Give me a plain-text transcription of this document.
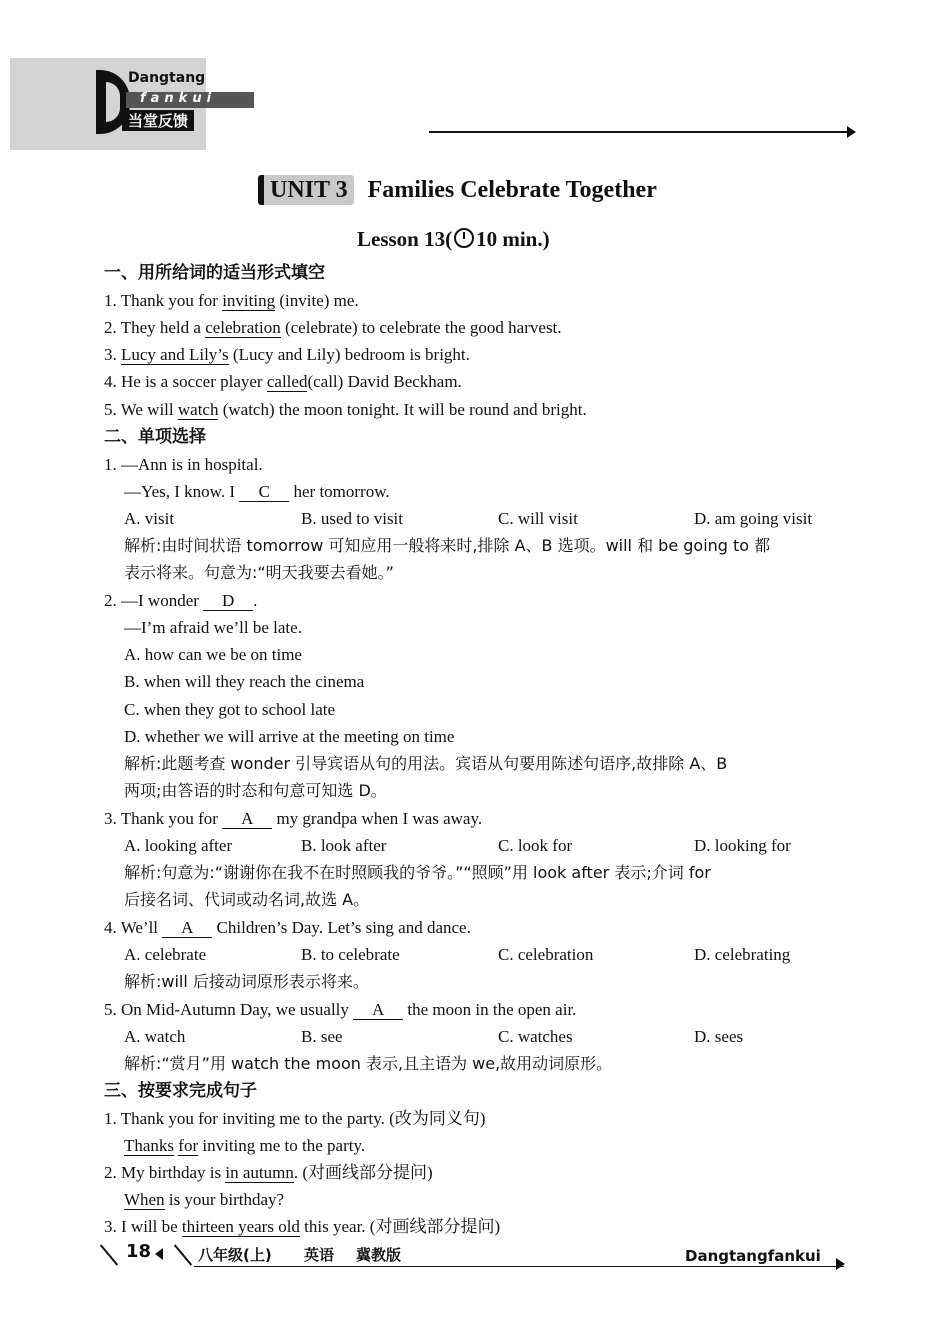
Dangtang
fankui
当堂反馈
UNIT 3 Families Celebrate Together
Lesson 13( 10 min.)
一、用所给词的适当形式填空
1. Thank you for inviting (invite) me.
2. They held a celebration (celebrate) to celebrate the good harvest.
3. Lucy and Lily’s (Lucy and Lily) bedroom is bright.
4. He is a soccer player called(call) David Beckham.
5. We will watch (watch) the moon tonight. It will be round and bright.
二、单项选择
1. —Ann is in hospital.
—Yes, I know. I C her tomorrow.
A. visit	B. used to visit	C. will visit	D. am going visit
解析:由时间状语 tomorrow 可知应用一般将来时,排除 A、B 选项。will 和 be going to 都
表示将来。句意为:“明天我要去看她。”
2. —I wonder D .
—I’m afraid we’ll be late.
A. how can we be on time
B. when will they reach the cinema
C. when they got to school late
D. whether we will arrive at the meeting on time
解析:此题考查 wonder 引导宾语从句的用法。宾语从句要用陈述句语序,故排除 A、B
两项;由答语的时态和句意可知选 D。
3. Thank you for A my grandpa when I was away.
A. looking after	B. look after	C. look for	D. looking for
解析:句意为:“谢谢你在我不在时照顾我的爷爷。”“照顾”用 look after 表示;介词 for
后接名词、代词或动名词,故选 A。
4. We’ll A Children’s Day. Let’s sing and dance.
A. celebrate	B. to celebrate	C. celebration	D. celebrating
解析:will 后接动词原形表示将来。
5. On Mid-Autumn Day, we usually A the moon in the open air.
A. watch	B. see	C. watches	D. sees
解析:“赏月”用 watch the moon 表示,且主语为 we,故用动词原形。
三、按要求完成句子
1. Thank you for inviting me to the party. (改为同义句)
Thanks for inviting me to the party.
2. My birthday is in autumn. (对画线部分提问)
When is your birthday?
3. I will be thirteen years old this year. (对画线部分提问)
18	八年级(上) 英语 冀教版	Dangtangfankui
